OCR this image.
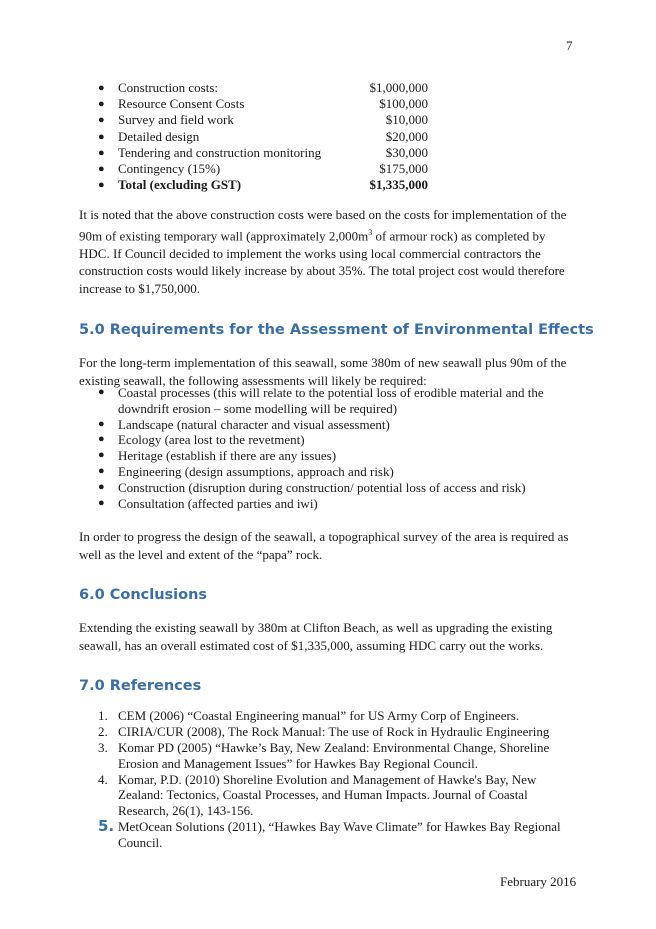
7
●	Construction costs:	$1,000,000
●	Resource Consent Costs	$100,000
●	Survey and field work	$10,000
●	Detailed design	$20,000
●	Tendering and construction monitoring	$30,000
●	Contingency (15%)	$175,000
●	Total (excluding GST)	$1,335,000

It is noted that the above construction costs were based on the costs for implementation of the 90m of existing temporary wall (approximately $2,000m^3$ of armour rock) as completed by HDC. If Council decided to implement the works using local commercial contractors the construction costs would likely increase by about 35%. The total project cost would therefore increase to $1,750,000.

5.0 Requirements for the Assessment of Environmental Effects

For the long-term implementation of this seawall, some 380m of new seawall plus 90m of the existing seawall, the following assessments will likely be required:

●	Coastal processes (this will relate to the potential loss of erodible material and the downdrift erosion – some modelling will be required)
●	Landscape (natural character and visual assessment)
●	Ecology (area lost to the revetment)
●	Heritage (establish if there are any issues)
●	Engineering (design assumptions, approach and risk)
●	Construction (disruption during construction/ potential loss of access and risk)
●	Consultation (affected parties and iwi)

In order to progress the design of the seawall, a topographical survey of the area is required as well as the level and extent of the “papa” rock.

6.0 Conclusions

Extending the existing seawall by 380m at Clifton Beach, as well as upgrading the existing seawall, has an overall estimated cost of $1,335,000, assuming HDC carry out the works.

7.0 References
1. CEM (2006) “Coastal Engineering manual” for US Army Corp of Engineers.
2. CIRIA/CUR (2008), The Rock Manual: The use of Rock in Hydraulic Engineering
3. Komar PD (2005) “Hawke’s Bay, New Zealand: Environmental Change, Shoreline Erosion and Management Issues” for Hawkes Bay Regional Council.
4. Komar, P.D. (2010) Shoreline Evolution and Management of Hawke's Bay, New Zealand: Tectonics, Coastal Processes, and Human Impacts. Journal of Coastal Research, 26(1), 143-156.
5. MetOcean Solutions (2011), “Hawkes Bay Wave Climate” for Hawkes Bay Regional Council.
February 2016
